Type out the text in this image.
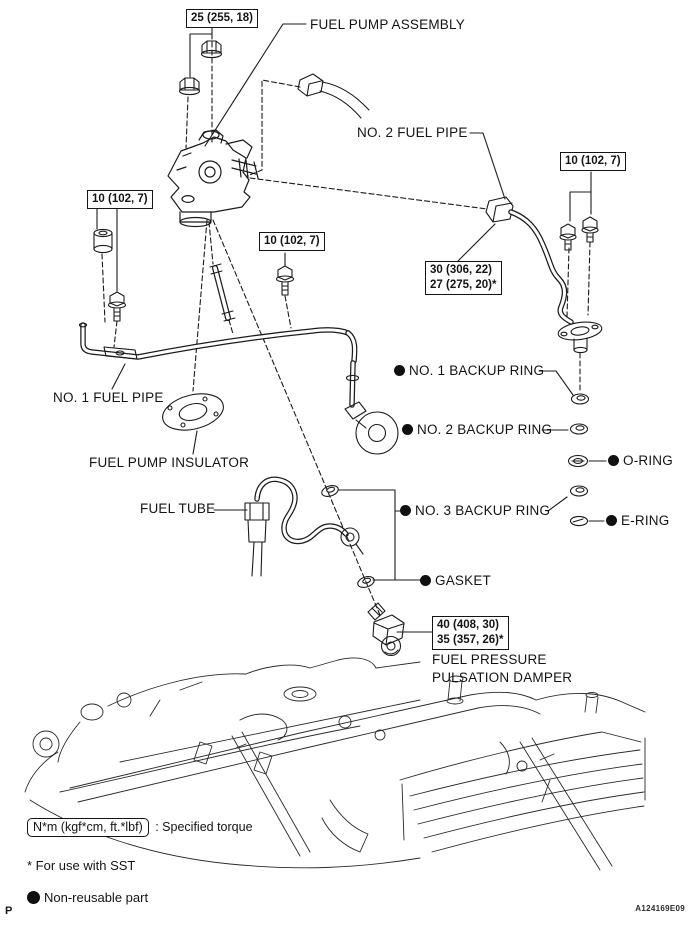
25 (255, 18)
10 (102, 7)
10 (102, 7)
10 (102, 7)
30 (306, 22)
27 (275, 20)*
40 (408, 30)
35 (357, 26)*
FUEL PUMP ASSEMBLY
NO. 2 FUEL PIPE
NO. 1 FUEL PIPE
FUEL PUMP INSULATOR
FUEL TUBE
NO. 1 BACKUP RING
NO. 2 BACKUP RING
O-RING
NO. 3 BACKUP RING
E-RING
GASKET
FUEL PRESSURE
PULSATION DAMPER
N*m (kgf*cm, ft.*lbf) : Specified torque
* For use with SST
Non-reusable part
P	A124169E09
